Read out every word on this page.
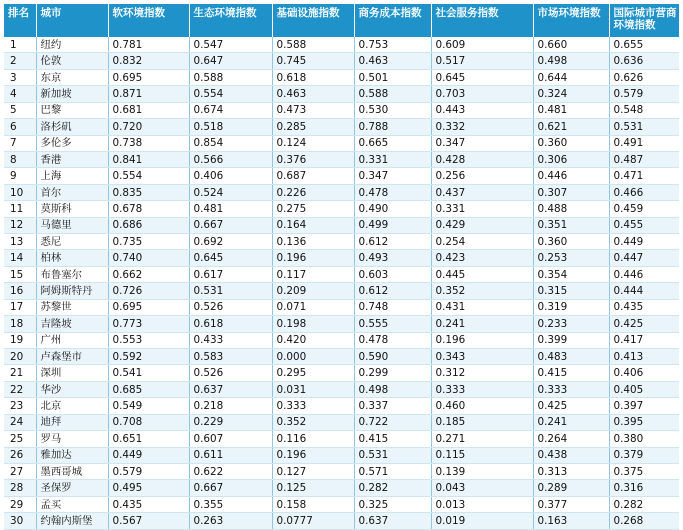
排名	城市	软环境指数	生态环境指数	基础设施指数	商务成本指数	社会服务指数	市场环境指数	国际城市营商环境指数
1	纽约	0.781	0.547	0.588	0.753	0.609	0.660	0.655
2	伦敦	0.832	0.647	0.745	0.463	0.517	0.498	0.636
3	东京	0.695	0.588	0.618	0.501	0.645	0.644	0.626
4	新加坡	0.871	0.554	0.463	0.588	0.703	0.324	0.579
5	巴黎	0.681	0.674	0.473	0.530	0.443	0.481	0.548
6	洛杉矶	0.720	0.518	0.285	0.788	0.332	0.621	0.531
7	多伦多	0.738	0.854	0.124	0.665	0.347	0.360	0.491
8	香港	0.841	0.566	0.376	0.331	0.428	0.306	0.487
9	上海	0.554	0.406	0.687	0.347	0.256	0.446	0.471
10	首尔	0.835	0.524	0.226	0.478	0.437	0.307	0.466
11	莫斯科	0.678	0.481	0.275	0.490	0.331	0.488	0.459
12	马德里	0.686	0.667	0.164	0.499	0.429	0.351	0.455
13	悉尼	0.735	0.692	0.136	0.612	0.254	0.360	0.449
14	柏林	0.740	0.645	0.196	0.493	0.423	0.253	0.447
15	布鲁塞尔	0.662	0.617	0.117	0.603	0.445	0.354	0.446
16	阿姆斯特丹	0.726	0.531	0.209	0.612	0.352	0.315	0.444
17	苏黎世	0.695	0.526	0.071	0.748	0.431	0.319	0.435
18	吉隆坡	0.773	0.618	0.198	0.555	0.241	0.233	0.425
19	广州	0.553	0.433	0.420	0.478	0.196	0.399	0.417
20	卢森堡市	0.592	0.583	0.000	0.590	0.343	0.483	0.413
21	深圳	0.541	0.526	0.295	0.299	0.312	0.415	0.406
22	华沙	0.685	0.637	0.031	0.498	0.333	0.333	0.405
23	北京	0.549	0.218	0.333	0.337	0.460	0.425	0.397
24	迪拜	0.708	0.229	0.352	0.722	0.185	0.241	0.395
25	罗马	0.651	0.607	0.116	0.415	0.271	0.264	0.380
26	雅加达	0.449	0.611	0.196	0.531	0.115	0.438	0.379
27	墨西哥城	0.579	0.622	0.127	0.571	0.139	0.313	0.375
28	圣保罗	0.495	0.667	0.125	0.282	0.043	0.289	0.316
29	孟买	0.435	0.355	0.158	0.325	0.013	0.377	0.282
30	约翰内斯堡	0.567	0.263	0.0777	0.637	0.019	0.163	0.268
